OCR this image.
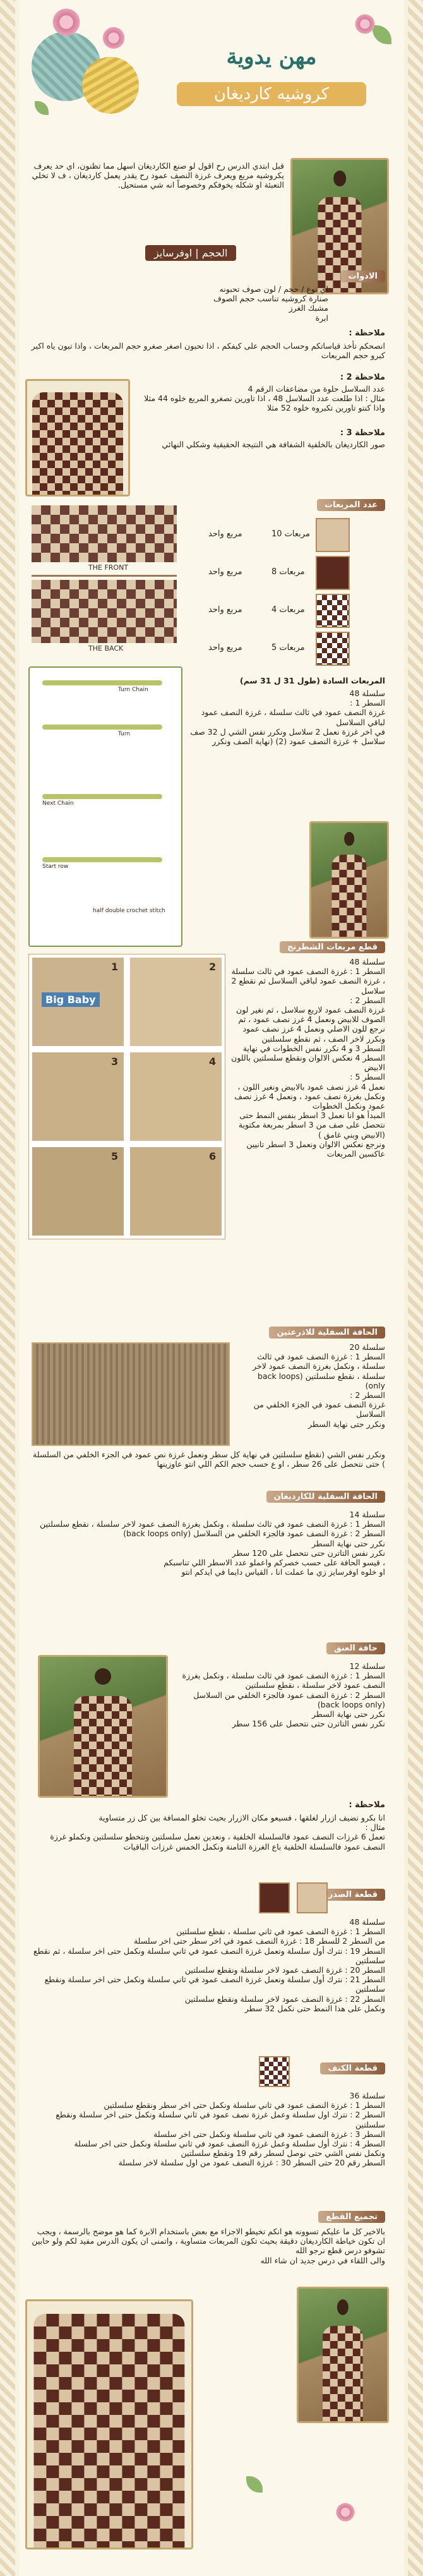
مهن يدوية
كروشيه كارديغان
قبل ابتدي الدرس رح اقول لو صنع الكارديغان اسهل مما تظنون، اي حد يعرف يكروشيه مربع ويعرف غرزة النصف عمود رح يقدر يعمل كارديغان ، ف لا تخلي التعبئة او شكله يخوفكم وخصوصاً انه شي مستحيل.
الحجم | اوفرسايز
الادوات
اي نوع / حجم / لون صوف تحبونه
صنارة كروشيه تناسب حجم الصوف
مشبك الغرز
ابرة
ملاحظة :
انصحكم تأخذ قياساتكم وحساب الحجم على كيفكم ، اذا تحبون اصغر صغرو حجم المربعات ، واذا تبون ياه اكبر كبرو حجم المربعات
ملاحظة 2 :
عدد السلاسل حلوة من مضاعفات الرقم 4
مثال : اذا طلعت عدد السلاسل 48 ، اذا تاورين تصغرو المربع خلوه 44 مثلا واذا كنتو تاورين تكبروه خلوه 52 مثلا
ملاحظة 3 :
صور الكارديغان بالخلفية الشفافة هي النتيجة الحقيقية وشكلي النهائي
عدد المربعات
THE FRONT
THE BACK
مربعات 10
مربع واحد
مربعات 8
مربع واحد
مربعات 4
مربع واحد
مربعات 5
مربع واحد
Turn Chain
Turn
Next Chain
Start row
half double crochet stitch
المربعات السادة (طول 31 ل 31 سم)
سلسلة 48
السطر 1 :
غرزة النصف عمود في ثالث سلسلة ، غرزة النصف عمود لباقي السلاسل
في اخر غرزة نعمل 2 سلاسل ونكرر نفس الشي ل 32 صف
سلاسل + غرزة النصف عمود (2) (نهاية الصف ونكرر
قطع مربعات الشطرنج
1	2
3	4
5	6
Big Baby
سلسلة 48
السطر 1 : غرزة النصف عمود في ثالث سلسلة ، غرزة النصف عمود لباقي السلاسل ثم نقطع 2 سلاسل
السطر 2 :
غرزة النصف عمود لاربع سلاسل ، ثم نغير لون الصوف للابيض ونعمل 4 غرز نصف عمود ، ثم نرجع للون الاصلي ونعمل 4 غرز نصف عمود ونكرر لاخر الصف ، ثم نقطع سلسلتين
السطر 3 و 4 نكرر نفس الخطوات في نهاية السطر 4 نعكس الالوان ونقطع سلسلتين باللون الابيض
السطر 5 :
نعمل 4 غرز نصف عمود بالابيض ونغير اللون ، ونكمل بغرزة نصف عمود ، ونعمل 4 غرز نصف عمود ونكمل الخطوات
المبدأ هو انا نعمل 3 اسطر بنفس النمط حتى نتحصل على صف من 3 اسطر بمربعة مكتوبة (الابيض وبني غامق )
ونرجع نعكس الالوان ونعمل 3 اسطر تانيين عاكسين المربعات
الحافة السفلية للاذرعتين
سلسلة 20
السطر 1 : غرزة النصف عمود في ثالث سلسلة ، ونكمل بغرزة النصف عمود لاخر سلسلة ، نقطع سلسلتين (back loops only)
السطر 2 :
غرزة النصف عمود في الجزء الخلفي من السلاسل
ونكرر حتى نهاية السطر
ونكرر نفس الشي (نقطع سلسلتين في نهاية كل سطر ونعمل غرزة نص عمود في الجزء الخلفي من السلسلة ) حتى نتحصل على 26 سطر ، او ع حسب حجم الكم اللي انتو عاوزينها
الحافة السفلية للكارديغان
سلسلة 14
السطر 1 : غرزة النصف عمود في ثالث سلسلة ، ونكمل بغرزة النصف عمود لاخر سلسلة ، نقطع سلسلتين
السطر 2 : غرزة النصف عمود فالجزء الخلفي من السلاسل (back loops only)
نكرر حتى نهاية السطر
نكرر نفس التاترن حتى نتحصل على 120 سطر
، قيسو الحافة على حسب خصركم واعملو عدد الاسطر اللي تناسبكم
او خلوه اوفرسايز زي ما عملت انا ، القياس دايما في ايدكم انتو
حافة العنق
سلسلة 12
السطر 1 : غرزة النصف عمود في ثالث سلسلة ، ونكمل بغرزة النصف عمود لاخر سلسلة ، نقطع سلسلتين
السطر 2 : غرزة النصف عمود فالجزء الخلفي من السلاسل
(back loops only)
نكرر حتى نهاية السطر
نكرر نفس التاترن حتى نتحصل على 156 سطر
ملاحظة :
انا بكرو نضيف ازرار لغلقها ، فسيعو مكان الازرار بحيث تخلو المسافة بين كل زر متساوية
مثال :
تعمل 6 غرزات النصف عمود فالسلسلة الخلفية ، ونعدين نعمل سلسلتين ونتخطو سلسلتين ونكملو غرزة النصف عمود فالسلسلة الخلفية باع الغرزة الثامنة ونكمل الخمس غرزات الباقيات
قطعة الصدر
سلسلة 48
السطر 1 : غرزة النصف عمود في ثاني سلسلة ، نقطع سلسلتين
من السطر 2 للسطر 18 : غرزة النصف عمود في اخر سطر حتى اخر سلسلة
السطر 19 : نترك أول سلسلة وتعمل غرزة النصف عمود في ثاني سلسلة ونكمل حتى اخر سلسلة ، ثم نقطع سلسلتين
السطر 20 : غرزة النصف عمود لاخر سلسلة ونقطع سلسلتين
السطر 21 : نترك أول سلسلة ونعمل غرزة النصف عمود في ثاني سلسلة ونكمل حتى اخر سلسلة ونقطع سلسلتين
السطر 22 : غرزة النصف عمود لاخر سلسلة ونقطع سلسلتين
ونكمل على هذا النمط حتى نكمل 32 سطر
قطعة الكتف
سلسلة 36
السطر 1 : غرزة النصف عمود في ثاني سلسلة ونكمل حتى اخر سطر ونقطع سلسلتين
السطر 2 : نترك اول سلسلة وعمل غرزة نصف عمود في ثاني سلسلة ونكمل حتى اخر سلسلة ونقطع سلسلتين
السطر 3 : غرزة النصف عمود في ثاني سلسلة ونكمل حتى اخر سلسلة
السطر 4 : نترك أول سلسلة وعمل غرزة النصف عمود في ثاني سلسلة ونكمل حتى اخر سلسلة
ونكمل نفس الشي حتى نوصل لسطر رقم 19 ونقطع سلسلتين
السطر رقم 20 حتى السطر 30 : غرزة النصف عمود من اول سلسلة لاخر سلسلة
تجميع القطع
بالاخير كل ما عليكم تسوونه هو انكم تخيطو الاجزاء مع بعض باستخدام الابرة كما هو موضح بالرسمة ، ويجب ان تكون خياطة الكارديغان دقيقة بحيث تكون المربعات متساوية ، واتمنى ان يكون الدرس مفيد لكم ولو حابين تشوفو درس قطع نرجو الله
والى اللقاء في درس جديد ان شاء الله
